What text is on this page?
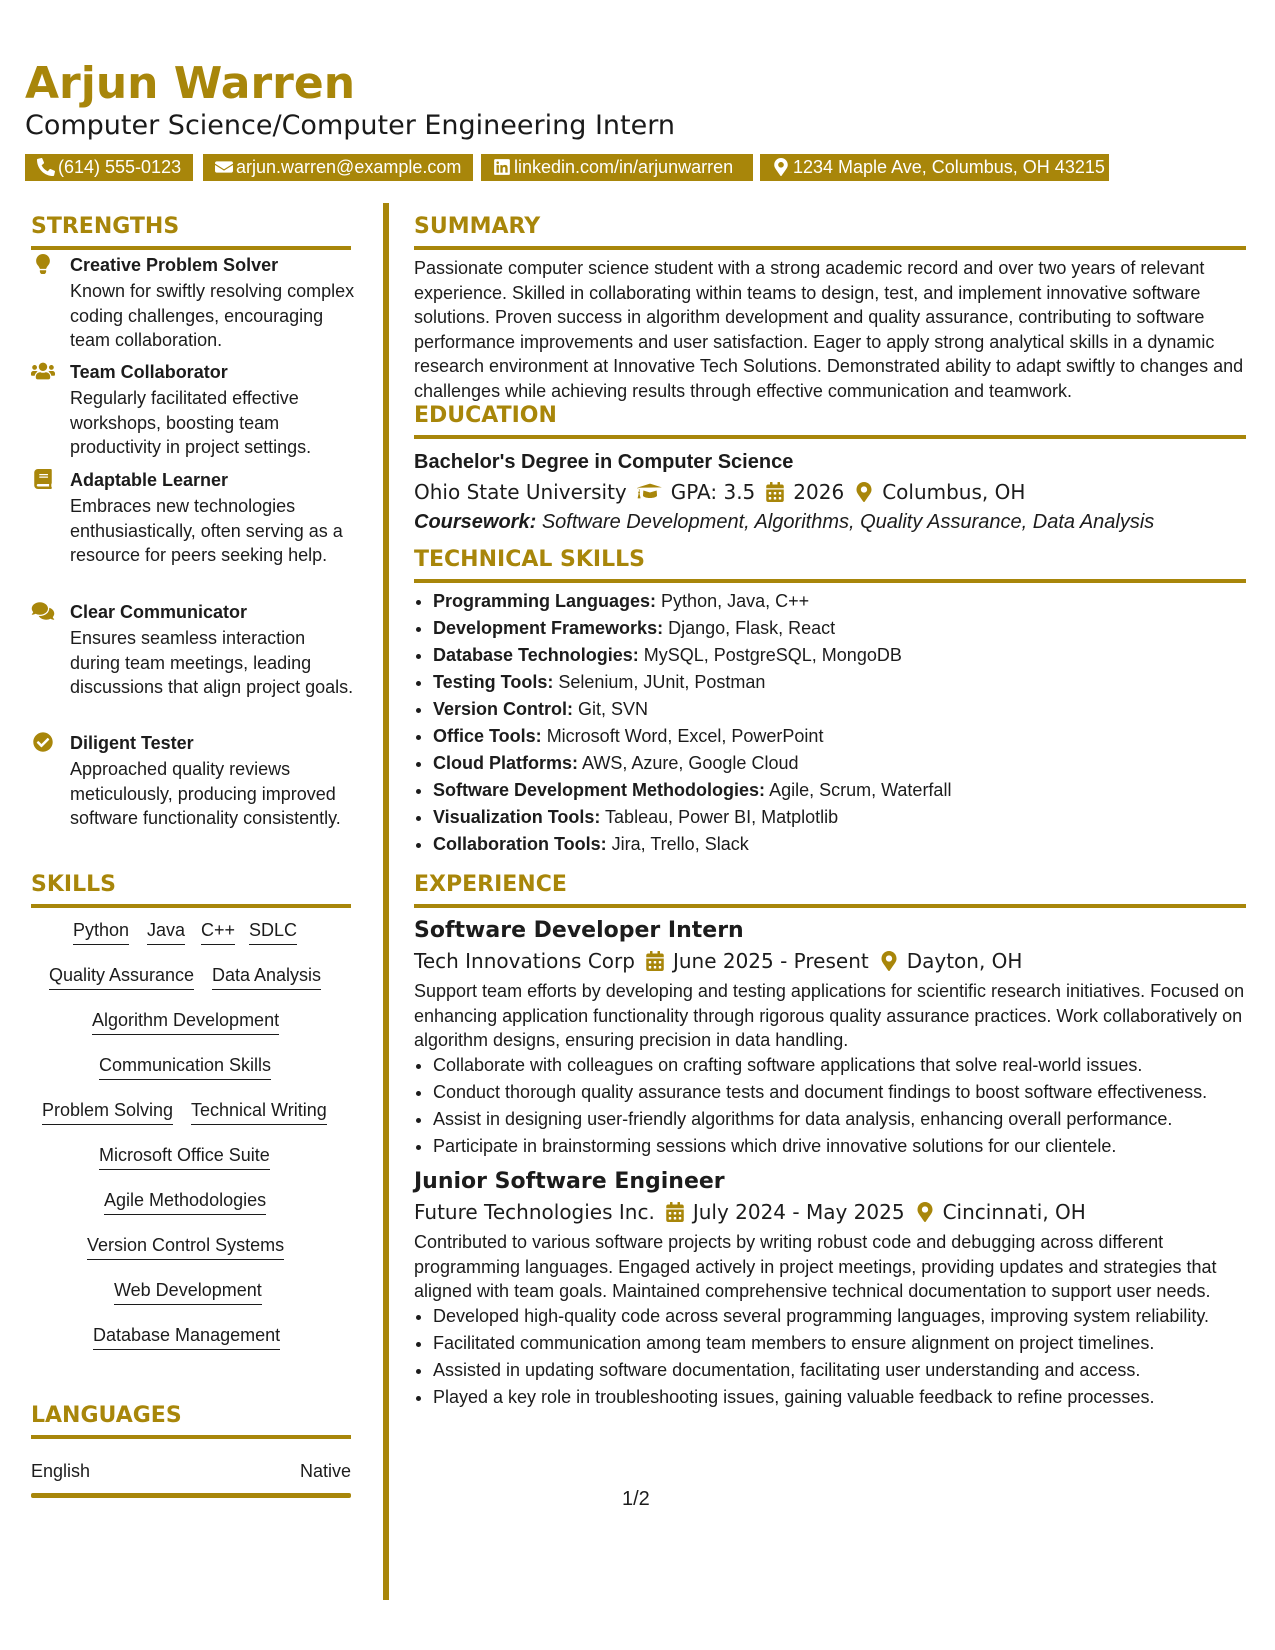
Arjun Warren
Computer Science/Computer Engineering Intern
(614) 555-0123	arjun.warren@example.com	linkedin.com/in/arjunwarren	1234 Maple Ave, Columbus, OH 43215
STRENGTHS
Creative Problem Solver
Known for swiftly resolving complex coding challenges, encouraging team collaboration.
Team Collaborator
Regularly facilitated effective workshops, boosting team productivity in project settings.
Adaptable Learner
Embraces new technologies enthusiastically, often serving as a resource for peers seeking help.
Clear Communicator
Ensures seamless interaction during team meetings, leading discussions that align project goals.
Diligent Tester
Approached quality reviews meticulously, producing improved software functionality consistently.
SKILLS
Python Java C++ SDLC
Quality Assurance Data Analysis
Algorithm Development
Communication Skills
Problem Solving Technical Writing
Microsoft Office Suite
Agile Methodologies
Version Control Systems
Web Development
Database Management
LANGUAGES
English	Native
SUMMARY
Passionate computer science student with a strong academic record and over two years of relevant experience. Skilled in collaborating within teams to design, test, and implement innovative software solutions. Proven success in algorithm development and quality assurance, contributing to software performance improvements and user satisfaction. Eager to apply strong analytical skills in a dynamic research environment at Innovative Tech Solutions. Demonstrated ability to adapt swiftly to changes and challenges while achieving results through effective communication and teamwork.
EDUCATION
Bachelor's Degree in Computer Science
Ohio State University GPA: 3.5 2026 Columbus, OH
Coursework: Software Development, Algorithms, Quality Assurance, Data Analysis
TECHNICAL SKILLS
• Programming Languages: Python, Java, C++
• Development Frameworks: Django, Flask, React
• Database Technologies: MySQL, PostgreSQL, MongoDB
• Testing Tools: Selenium, JUnit, Postman
• Version Control: Git, SVN
• Office Tools: Microsoft Word, Excel, PowerPoint
• Cloud Platforms: AWS, Azure, Google Cloud
• Software Development Methodologies: Agile, Scrum, Waterfall
• Visualization Tools: Tableau, Power BI, Matplotlib
• Collaboration Tools: Jira, Trello, Slack
EXPERIENCE
Software Developer Intern
Tech Innovations Corp June 2025 - Present Dayton, OH
Support team efforts by developing and testing applications for scientific research initiatives. Focused on enhancing application functionality through rigorous quality assurance practices. Work collaboratively on algorithm designs, ensuring precision in data handling.
• Collaborate with colleagues on crafting software applications that solve real-world issues.
• Conduct thorough quality assurance tests and document findings to boost software effectiveness.
• Assist in designing user-friendly algorithms for data analysis, enhancing overall performance.
• Participate in brainstorming sessions which drive innovative solutions for our clientele.
Junior Software Engineer
Future Technologies Inc. July 2024 - May 2025 Cincinnati, OH
Contributed to various software projects by writing robust code and debugging across different programming languages. Engaged actively in project meetings, providing updates and strategies that aligned with team goals. Maintained comprehensive technical documentation to support user needs.
• Developed high-quality code across several programming languages, improving system reliability.
• Facilitated communication among team members to ensure alignment on project timelines.
• Assisted in updating software documentation, facilitating user understanding and access.
• Played a key role in troubleshooting issues, gaining valuable feedback to refine processes.
1/2
